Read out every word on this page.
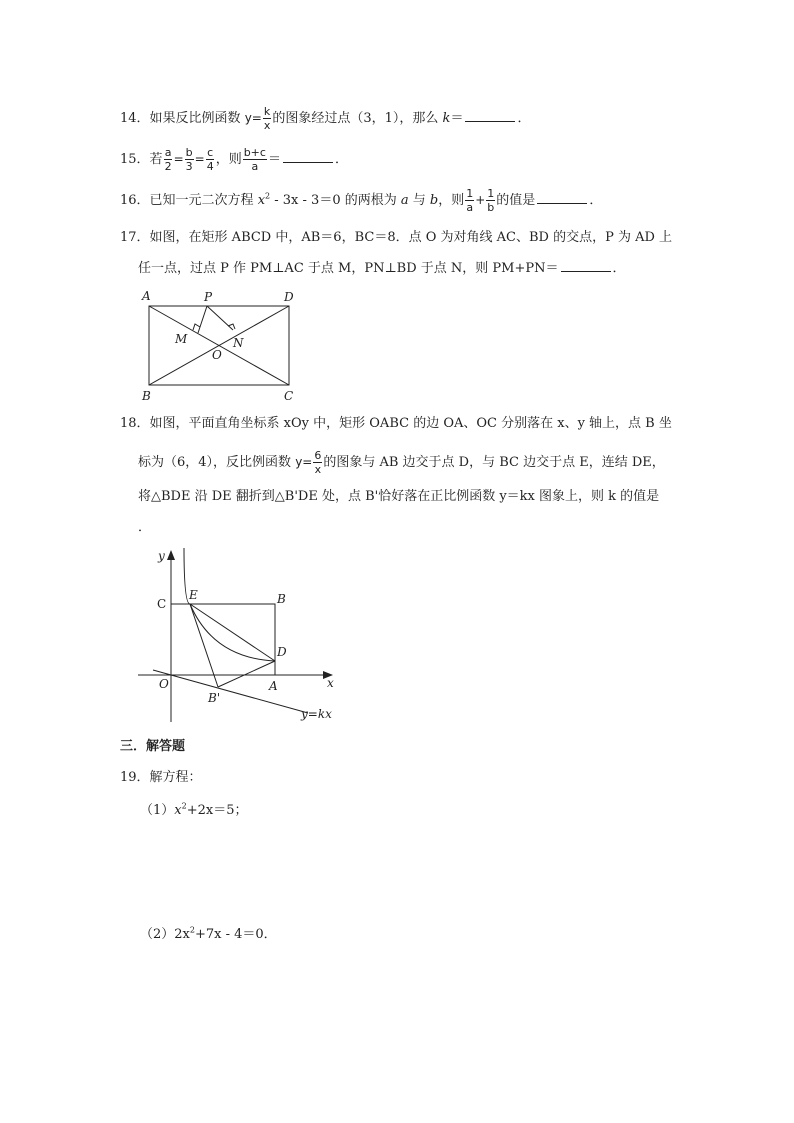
14．如果反比例函数 $y= \frac{k}{x}$ 的图象经过点（3，1），那么 k＝	．
15．若 $\frac{a}{2} = \frac{b}{3} = \frac{c}{4}$ ，则 $\frac{b+c}{a}$ ＝	．
16．已知一元二次方程 $x^2 - 3x - 3=0$ 的两根为 a 与 b，则 $\frac{1}{a} + \frac{1}{b}$ 的值是	．
17．如图，在矩形 ABCD 中，AB＝6，BC＝8．点 O 为对角线 AC、BD 的交点，P 为 AD 上
任一点，过点 P 作 PM⊥AC 于点 M，PN⊥BD 于点 N，则 PM+PN＝	．
A	P	D
M	N
O
B	C
18．如图，平面直角坐标系 xOy 中，矩形 OABC 的边 OA、OC 分别落在 x、y 轴上，点 B 坐
标为（6，4），反比例函数 $y= \frac{6}{x}$ 的图象与 AB 边交于点 D，与 BC 边交于点 E，连结 DE，
将△BDE 沿 DE 翻折到△B'DE 处，点 B'恰好落在正比例函数 y＝kx 图象上，则 k 的值是
．
y
x
C
E	B
D
O	A
B'
y=kx
三．解答题
19．解方程：
$(1)x^2+2x=5$；
$(2)2x^2+7x - 4=0$．
